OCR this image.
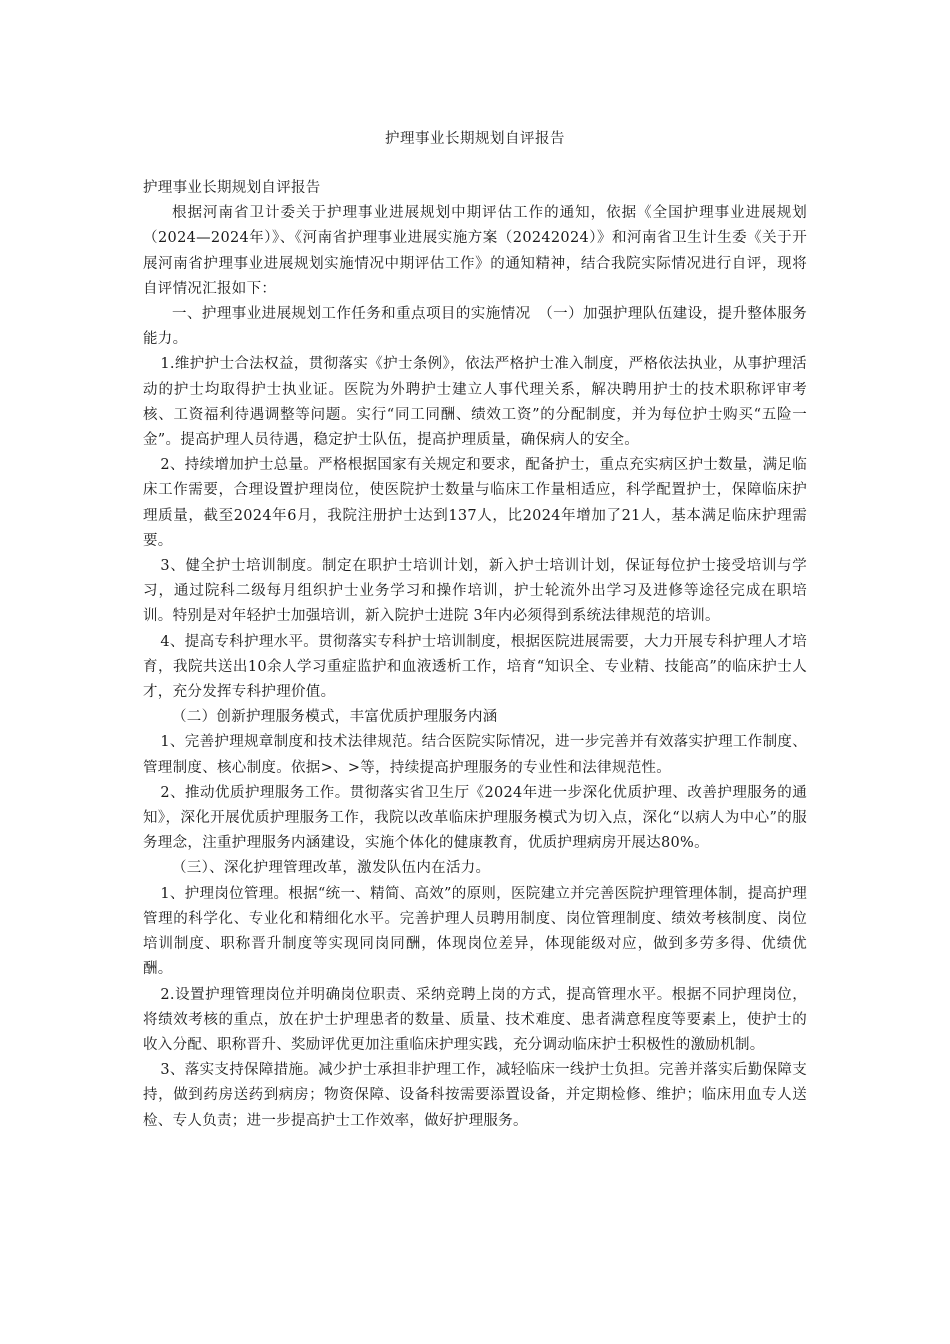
护理事业长期规划自评报告

护理事业长期规划自评报告

根据河南省卫计委关于护理事业进展规划中期评估工作的通知，依据《全国护理事业进展规划（2024—2024年）》、《河南省护理事业进展实施方案（20242024）》和河南省卫生计生委《关于开展河南省护理事业进展规划实施情况中期评估工作》的通知精神，结合我院实际情况进行自评，现将自评情况汇报如下：

一、护理事业进展规划工作任务和重点项目的实施情况　（一）加强护理队伍建设，提升整体服务能力。

1.维护护士合法权益，贯彻落实《护士条例》，依法严格护士准入制度，严格依法执业，从事护理活动的护士均取得护士执业证。医院为外聘护士建立人事代理关系，解决聘用护士的技术职称评审考核、工资福利待遇调整等问题。实行“同工同酬、绩效工资”的分配制度，并为每位护士购买“五险一金”。提高护理人员待遇，稳定护士队伍，提高护理质量，确保病人的安全。

2、持续增加护士总量。严格根据国家有关规定和要求，配备护士，重点充实病区护士数量，满足临床工作需要，合理设置护理岗位，使医院护士数量与临床工作量相适应，科学配置护士，保障临床护理质量，截至2024年6月，我院注册护士达到137人，比2024年增加了21人，基本满足临床护理需要。

3、健全护士培训制度。制定在职护士培训计划，新入护士培训计划，保证每位护士接受培训与学习，通过院科二级每月组织护士业务学习和操作培训，护士轮流外出学习及进修等途径完成在职培训。特别是对年轻护士加强培训，新入院护士进院 3年内必须得到系统法律规范的培训。

4、提高专科护理水平。贯彻落实专科护士培训制度，根据医院进展需要，大力开展专科护理人才培育，我院共送出10余人学习重症监护和血液透析工作，培育“知识全、专业精、技能高”的临床护士人才，充分发挥专科护理价值。

（二）创新护理服务模式，丰富优质护理服务内涵

1、完善护理规章制度和技术法律规范。结合医院实际情况，进一步完善并有效落实护理工作制度、管理制度、核心制度。依据>、>等，持续提高护理服务的专业性和法律规范性。

2、推动优质护理服务工作。贯彻落实省卫生厅《2024年进一步深化优质护理、改善护理服务的通知》，深化开展优质护理服务工作，我院以改革临床护理服务模式为切入点，深化“以病人为中心”的服务理念，注重护理服务内涵建设，实施个体化的健康教育，优质护理病房开展达80%。

（三）、深化护理管理改革，激发队伍内在活力。

1、护理岗位管理。根据“统一、精简、高效”的原则，医院建立并完善医院护理管理体制，提高护理管理的科学化、专业化和精细化水平。完善护理人员聘用制度、岗位管理制度、绩效考核制度、岗位培训制度、职称晋升制度等实现同岗同酬，体现岗位差异，体现能级对应，做到多劳多得、优绩优酬。

2.设置护理管理岗位并明确岗位职责、采纳竞聘上岗的方式，提高管理水平。根据不同护理岗位，将绩效考核的重点，放在护士护理患者的数量、质量、技术难度、患者满意程度等要素上，使护士的收入分配、职称晋升、奖励评优更加注重临床护理实践，充分调动临床护士积极性的激励机制。

3、落实支持保障措施。减少护士承担非护理工作，减轻临床一线护士负担。完善并落实后勤保障支持，做到药房送药到病房；物资保障、设备科按需要添置设备，并定期检修、维护；临床用血专人送检、专人负责；进一步提高护士工作效率，做好护理服务。
